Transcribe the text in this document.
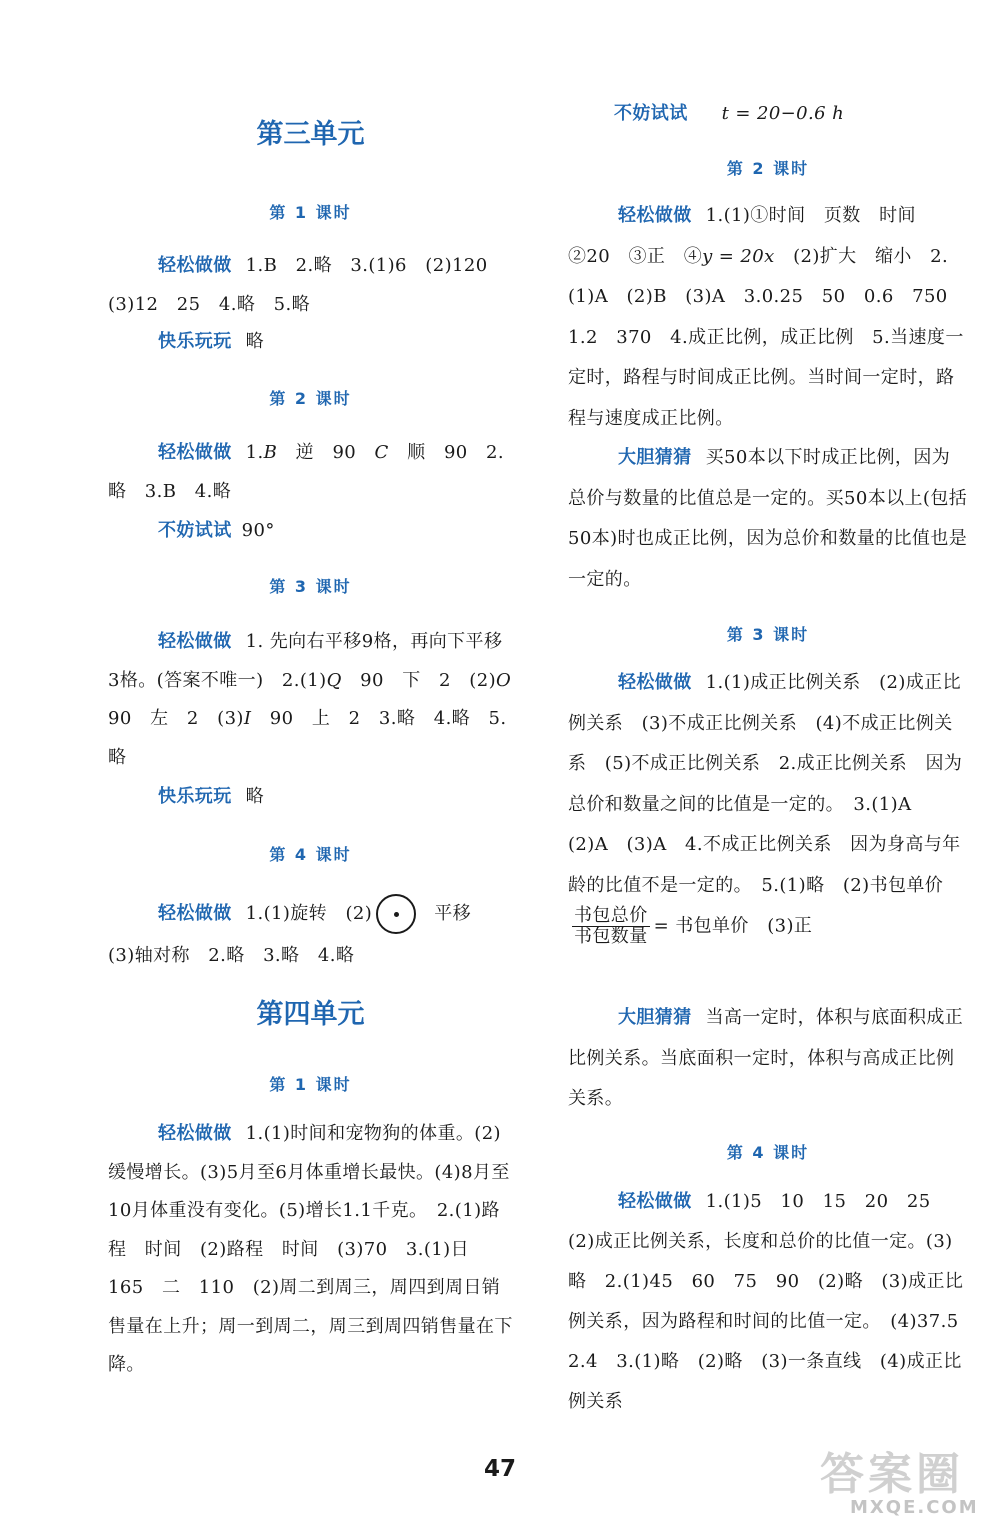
第三单元
第 1 课时
轻松做做 1.B　2.略　3.(1)6　(2)120　(3)12　25　4.略　5.略
快乐玩玩 略
第 2 课时
轻松做做 1.B　 逆　90　C　 顺　90　2.略　3.B　4.略
不妨试试 90°
第 3 课时
轻松做做 1. 先向右平移9格，再向下平移3格。(答案不唯一)　2.(1)Q　 90　下　2　(2)O　90　左　2　(3)I　 90　上　2　3.略　4.略　5.略
快乐玩玩 略
第 4 课时
轻松做做 1.(1)旋转　(2)	平移　(3)轴对称　2.略　3.略　4.略
第四单元
第 1 课时
轻松做做 1.(1)时间和宠物狗的体重。(2)缓慢增长。(3)5月至6月体重增长最快。(4)8月至10月体重没有变化。(5)增长1.1千克。　2.(1)路程　时间　(2)路程　时间　(3)70　3.(1)日　165　二　110　(2)周二到周三，周四到周日销售量在上升；周一到周二，周三到周四销售量在下降。
不妨试试 t = 20−0.6 h
第 2 课时
轻松做做 1.(1)①时间　页数　时间　②20　③正　④y = 20x　 (2)扩大　缩小　2.(1)A　(2)B　(3)A　3.0.25　50　0.6　750　1.2　370　4.成正比例，成正比例　5.当速度一定时，路程与时间成正比例。当时间一定时，路程与速度成正比例。
大胆猜猜 买50本以下时成正比例，因为总价与数量的比值总是一定的。买50本以上(包括50本)时也成正比例，因为总价和数量的比值也是一定的。
第 3 课时
轻松做做 1.(1)成正比例关系　(2)成正比例关系　(3)不成正比例关系　(4)不成正比例关系　(5)不成正比例关系　2.成正比例关系　因为总价和数量之间的比值是一定的。　3.(1)A　(2)A　(3)A　4.不成正比例关系　因为身高与年龄的比值不是一定的。　5.(1)略　(2)书包单价
$\frac{\text{书包总价}}{\text{书包数量}}$ = 书包单价　(3)正
大胆猜猜 当高一定时，体积与底面积成正比例关系。当底面积一定时，体积与高成正比例关系。
第 4 课时
轻松做做 1.(1)5　10　15　20　25　(2)成正比例关系，长度和总价的比值一定。(3)略　2.(1)45　60　75　90　(2)略　(3)成正比例关系，因为路程和时间的比值一定。　(4)37.5　2.4　3.(1)略　(2)略　(3)一条直线　(4)成正比例关系
47	答案圈
MXQE.COM
